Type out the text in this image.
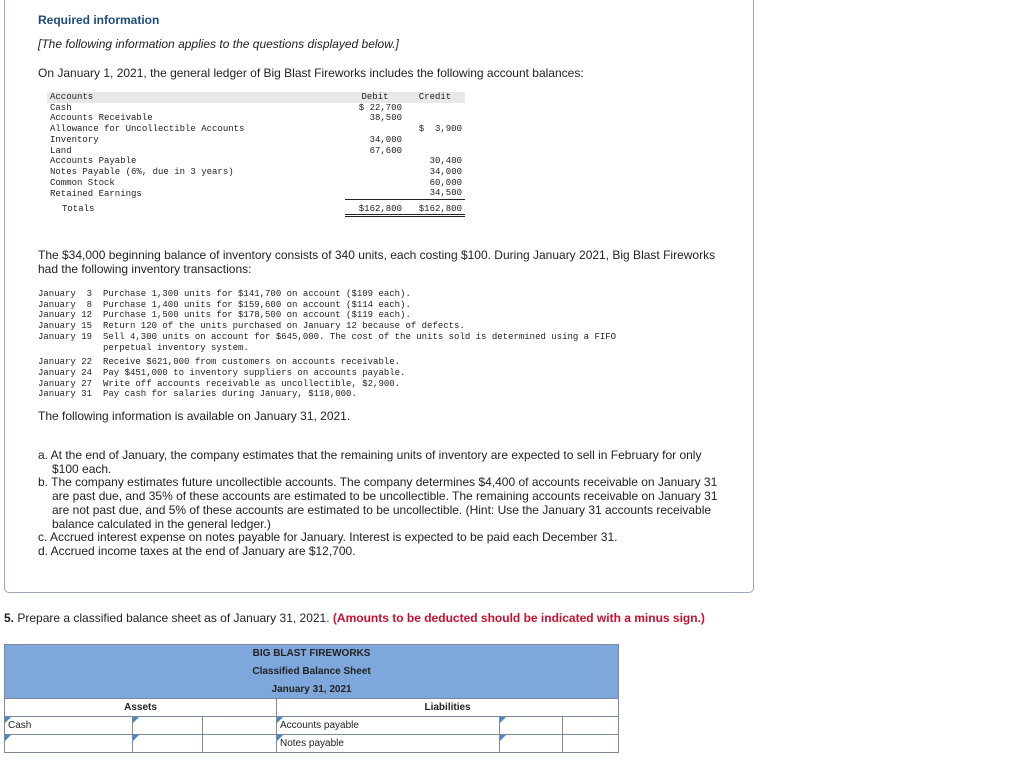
Required information
[The following information applies to the questions displayed below.]
On January 1, 2021, the general ledger of Big Blast Fireworks includes the following account balances:
Accounts	Debit	Credit
Cash	$ 22,700	
Accounts Receivable	38,500	
Allowance for Uncollectible Accounts		$  3,900
Inventory	34,000	
Land	67,600	
Accounts Payable		30,400
Notes Payable (6%, due in 3 years)		34,000
Common Stock		60,000
Retained Earnings		34,500

Totals	$162,800	$162,800
The $34,000 beginning balance of inventory consists of 340 units, each costing $100. During January 2021, Big Blast Fireworks had the following inventory transactions:
January  3	Purchase 1,300 units for $141,700 on account ($109 each).
January  8	Purchase 1,400 units for $159,600 on account ($114 each).
January 12	Purchase 1,500 units for $178,500 on account ($119 each).
January 15	Return 120 of the units purchased on January 12 because of defects.
January 19	Sell 4,300 units on account for $645,000. The cost of the units sold is determined using a FIFO
perpetual inventory system.
January 22	Receive $621,000 from customers on accounts receivable.
January 24	Pay $451,000 to inventory suppliers on accounts payable.
January 27	Write off accounts receivable as uncollectible, $2,900.
January 31	Pay cash for salaries during January, $118,000.
The following information is available on January 31, 2021.
a. At the end of January, the company estimates that the remaining units of inventory are expected to sell in February for only $100 each.
b. The company estimates future uncollectible accounts. The company determines $4,400 of accounts receivable on January 31 are past due, and 35% of these accounts are estimated to be uncollectible. The remaining accounts receivable on January 31 are not past due, and 5% of these accounts are estimated to be uncollectible. (Hint: Use the January 31 accounts receivable balance calculated in the general ledger.)
c. Accrued interest expense on notes payable for January. Interest is expected to be paid each December 31.
d. Accrued income taxes at the end of January are $12,700.
5. Prepare a classified balance sheet as of January 31, 2021. (Amounts to be deducted should be indicated with a minus sign.)
BIG BLAST FIREWORKS					
Classified Balance Sheet					
January 31, 2021					
Assets			Liabilities		
Cash			Accounts payable		
			Notes payable		
